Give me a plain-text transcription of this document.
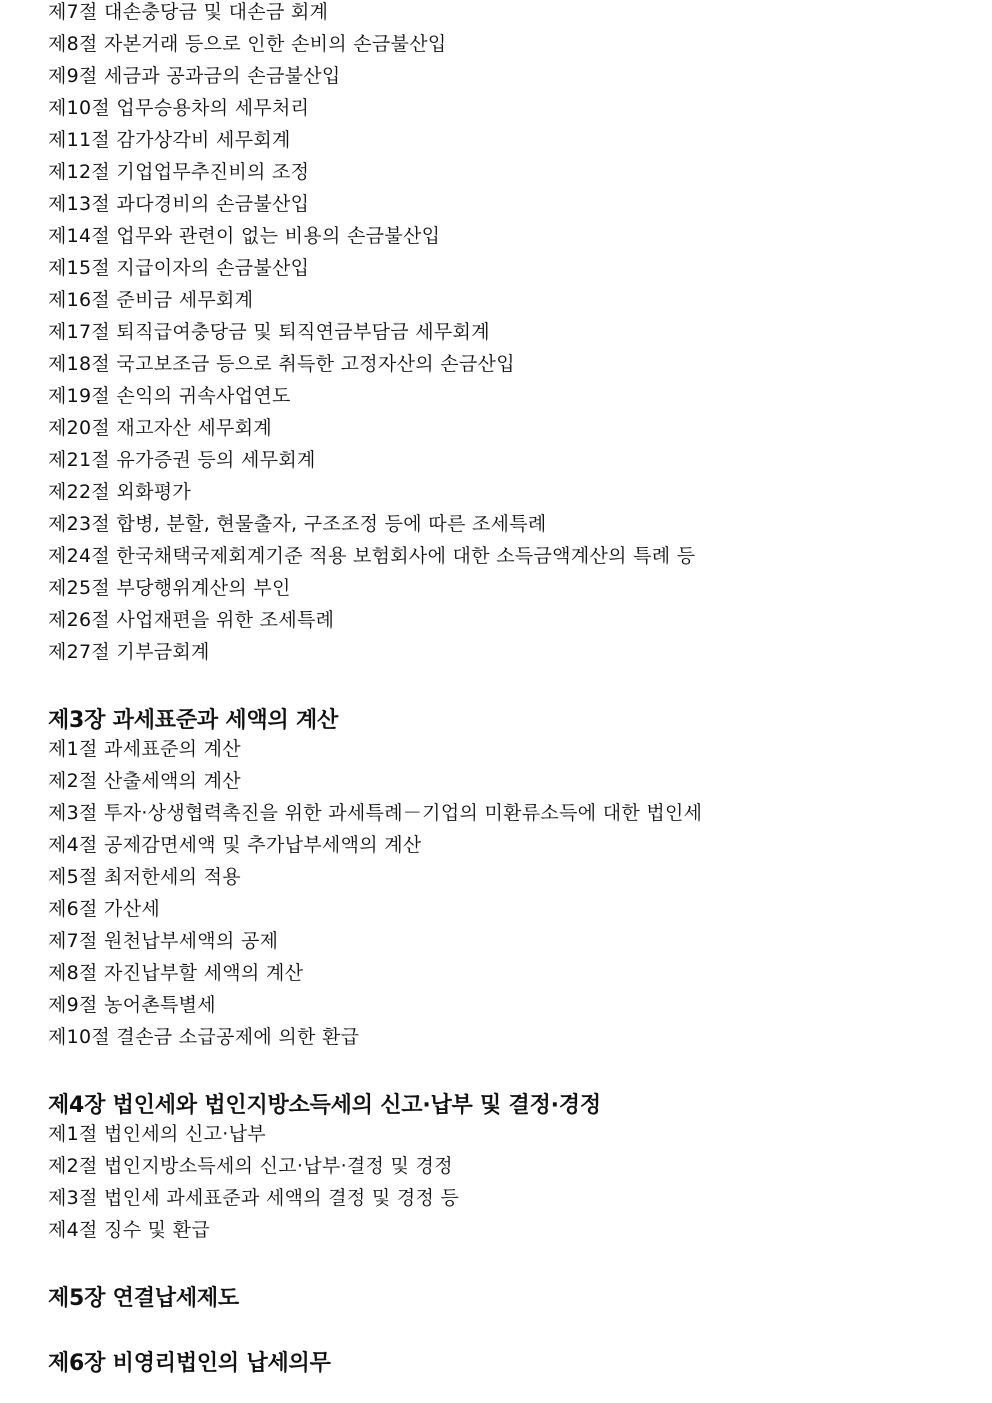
제7절 대손충당금 및 대손금 회계
제8절 자본거래 등으로 인한 손비의 손금불산입
제9절 세금과 공과금의 손금불산입
제10절 업무승용차의 세무처리
제11절 감가상각비 세무회계
제12절 기업업무추진비의 조정
제13절 과다경비의 손금불산입
제14절 업무와 관련이 없는 비용의 손금불산입
제15절 지급이자의 손금불산입
제16절 준비금 세무회계
제17절 퇴직급여충당금 및 퇴직연금부담금 세무회계
제18절 국고보조금 등으로 취득한 고정자산의 손금산입
제19절 손익의 귀속사업연도
제20절 재고자산 세무회계
제21절 유가증권 등의 세무회계
제22절 외화평가
제23절 합병, 분할, 현물출자, 구조조정 등에 따른 조세특례
제24절 한국채택국제회계기준 적용 보험회사에 대한 소득금액계산의 특례 등
제25절 부당행위계산의 부인
제26절 사업재편을 위한 조세특례
제27절 기부금회계
제3장 과세표준과 세액의 계산
제1절 과세표준의 계산
제2절 산출세액의 계산
제3절 투자·상생협력촉진을 위한 과세특례－기업의 미환류소득에 대한 법인세
제4절 공제감면세액 및 추가납부세액의 계산
제5절 최저한세의 적용
제6절 가산세
제7절 원천납부세액의 공제
제8절 자진납부할 세액의 계산
제9절 농어촌특별세
제10절 결손금 소급공제에 의한 환급
제4장 법인세와 법인지방소득세의 신고·납부 및 결정·경정
제1절 법인세의 신고·납부
제2절 법인지방소득세의 신고·납부·결정 및 경정
제3절 법인세 과세표준과 세액의 결정 및 경정 등
제4절 징수 및 환급
제5장 연결납세제도
제6장 비영리법인의 납세의무
